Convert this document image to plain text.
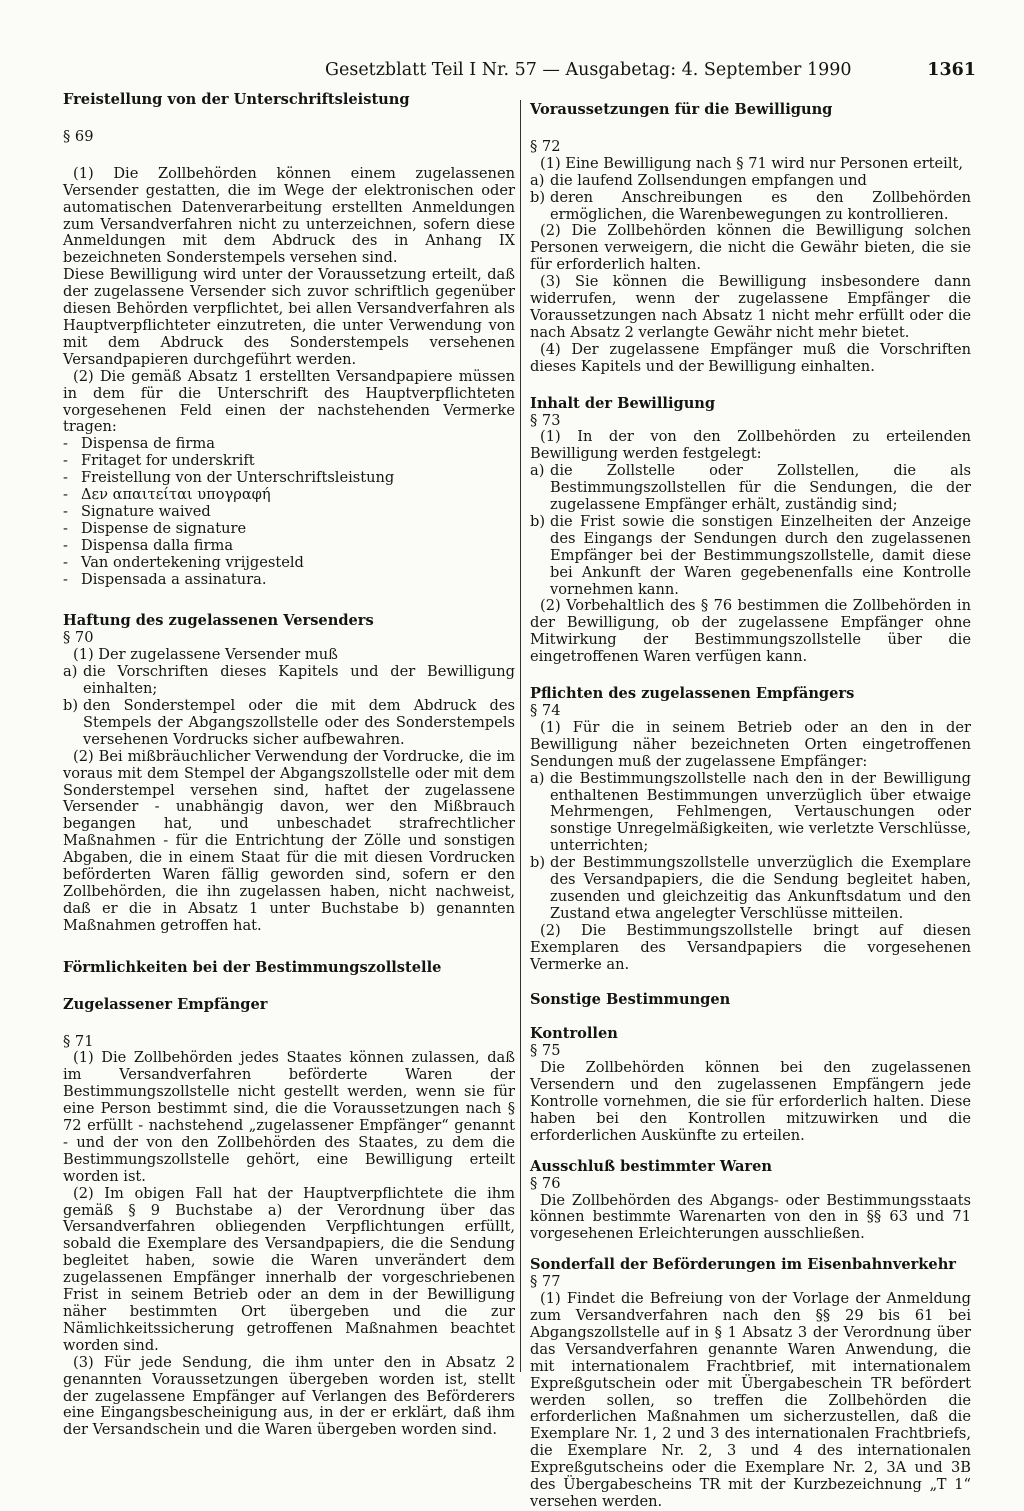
Gesetzblatt Teil I Nr. 57 — Ausgabetag: 4. September 1990	1361

Freistellung von der Unterschriftsleistung

§ 69

(1) Die Zollbehörden können einem zugelassenen Versender gestatten, die im Wege der elektronischen oder automatischen Datenverarbeitung erstellten Anmeldungen zum Versandverfahren nicht zu unterzeichnen, sofern diese Anmeldungen mit dem Abdruck des in Anhang IX bezeichneten Sonderstempels versehen sind.

Diese Bewilligung wird unter der Voraussetzung erteilt, daß der zugelassene Versender sich zuvor schriftlich gegenüber diesen Behörden verpflichtet, bei allen Versandverfahren als Hauptverpflichteter einzutreten, die unter Verwendung von mit dem Abdruck des Sonderstempels versehenen Versandpapieren durchgeführt werden.

(2) Die gemäß Absatz 1 erstellten Versandpapiere müssen in dem für die Unterschrift des Hauptverpflichteten vorgesehenen Feld einen der nachstehenden Vermerke tragen:

- Dispensa de firma
- Fritaget for underskrift
- Freistellung von der Unterschriftsleistung
- Δεν απαιτείται υπογραφή
- Signature waived
- Dispense de signature
- Dispensa dalla firma
- Van ondertekening vrijgesteld
- Dispensada a assinatura.

Haftung des zugelassenen Versenders

§ 70

(1) Der zugelassene Versender muß

a) die Vorschriften dieses Kapitels und der Bewilligung einhalten;
b) den Sonderstempel oder die mit dem Abdruck des Stempels der Abgangszollstelle oder des Sonderstempels versehenen Vordrucks sicher aufbewahren.

(2) Bei mißbräuchlicher Verwendung der Vordrucke, die im voraus mit dem Stempel der Abgangszollstelle oder mit dem Sonderstempel versehen sind, haftet der zugelassene Versender - unabhängig davon, wer den Mißbrauch begangen hat, und unbeschadet strafrechtlicher Maßnahmen - für die Entrichtung der Zölle und sonstigen Abgaben, die in einem Staat für die mit diesen Vordrucken beförderten Waren fällig geworden sind, sofern er den Zollbehörden, die ihn zugelassen haben, nicht nachweist, daß er die in Absatz 1 unter Buchstabe b) genannten Maßnahmen getroffen hat.

Förmlichkeiten bei der Bestimmungszollstelle

Zugelassener Empfänger

§ 71

(1) Die Zollbehörden jedes Staates können zulassen, daß im Versandverfahren beförderte Waren der Bestimmungszollstelle nicht gestellt werden, wenn sie für eine Person bestimmt sind, die die Voraussetzungen nach § 72 erfüllt - nachstehend „zugelassener Empfänger“ genannt - und der von den Zollbehörden des Staates, zu dem die Bestimmungszollstelle gehört, eine Bewilligung erteilt worden ist.

(2) Im obigen Fall hat der Hauptverpflichtete die ihm gemäß § 9 Buchstabe a) der Verordnung über das Versandverfahren obliegenden Verpflichtungen erfüllt, sobald die Exemplare des Versandpapiers, die die Sendung begleitet haben, sowie die Waren unverändert dem zugelassenen Empfänger innerhalb der vorgeschriebenen Frist in seinem Betrieb oder an dem in der Bewilligung näher bestimmten Ort übergeben und die zur Nämlichkeitssicherung getroffenen Maßnahmen beachtet worden sind.

(3) Für jede Sendung, die ihm unter den in Absatz 2 genannten Voraussetzungen übergeben worden ist, stellt der zugelassene Empfänger auf Verlangen des Beförderers eine Eingangsbescheinigung aus, in der er erklärt, daß ihm der Versandschein und die Waren übergeben worden sind.

Voraussetzungen für die Bewilligung

§ 72

(1) Eine Bewilligung nach § 71 wird nur Personen erteilt,

a) die laufend Zollsendungen empfangen und
b) deren Anschreibungen es den Zollbehörden ermöglichen, die Warenbewegungen zu kontrollieren.

(2) Die Zollbehörden können die Bewilligung solchen Personen verweigern, die nicht die Gewähr bieten, die sie für erforderlich halten.

(3) Sie können die Bewilligung insbesondere dann widerrufen, wenn der zugelassene Empfänger die Voraussetzungen nach Absatz 1 nicht mehr erfüllt oder die nach Absatz 2 verlangte Gewähr nicht mehr bietet.

(4) Der zugelassene Empfänger muß die Vorschriften dieses Kapitels und der Bewilligung einhalten.

Inhalt der Bewilligung

§ 73

(1) In der von den Zollbehörden zu erteilenden Bewilligung werden festgelegt:

a) die Zollstelle oder Zollstellen, die als Bestimmungszollstellen für die Sendungen, die der zugelassene Empfänger erhält, zuständig sind;
b) die Frist sowie die sonstigen Einzelheiten der Anzeige des Eingangs der Sendungen durch den zugelassenen Empfänger bei der Bestimmungszollstelle, damit diese bei Ankunft der Waren gegebenenfalls eine Kontrolle vornehmen kann.

(2) Vorbehaltlich des § 76 bestimmen die Zollbehörden in der Bewilligung, ob der zugelassene Empfänger ohne Mitwirkung der Bestimmungszollstelle über die eingetroffenen Waren verfügen kann.

Pflichten des zugelassenen Empfängers

§ 74

(1) Für die in seinem Betrieb oder an den in der Bewilligung näher bezeichneten Orten eingetroffenen Sendungen muß der zugelassene Empfänger:

a) die Bestimmungszollstelle nach den in der Bewilligung enthaltenen Bestimmungen unverzüglich über etwaige Mehrmengen, Fehlmengen, Vertauschungen oder sonstige Unregelmäßigkeiten, wie verletzte Verschlüsse, unterrichten;
b) der Bestimmungszollstelle unverzüglich die Exemplare des Versandpapiers, die die Sendung begleitet haben, zusenden und gleichzeitig das Ankunftsdatum und den Zustand etwa angelegter Verschlüsse mitteilen.

(2) Die Bestimmungszollstelle bringt auf diesen Exemplaren des Versandpapiers die vorgesehenen Vermerke an.

Sonstige Bestimmungen

Kontrollen

§ 75

Die Zollbehörden können bei den zugelassenen Versendern und den zugelassenen Empfängern jede Kontrolle vornehmen, die sie für erforderlich halten. Diese haben bei den Kontrollen mitzuwirken und die erforderlichen Auskünfte zu erteilen.

Ausschluß bestimmter Waren

§ 76

Die Zollbehörden des Abgangs- oder Bestimmungsstaats können bestimmte Warenarten von den in §§ 63 und 71 vorgesehenen Erleichterungen ausschließen.

Sonderfall der Beförderungen im Eisenbahnverkehr

§ 77

(1) Findet die Befreiung von der Vorlage der Anmeldung zum Versandverfahren nach den §§ 29 bis 61 bei Abgangszollstelle auf in § 1 Absatz 3 der Verordnung über das Versandverfahren genannte Waren Anwendung, die mit internationalem Frachtbrief, mit internationalem Expreßgutschein oder mit Übergabeschein TR befördert werden sollen, so treffen die Zollbehörden die erforderlichen Maßnahmen um sicherzustellen, daß die Exemplare Nr. 1, 2 und 3 des internationalen Frachtbriefs, die Exemplare Nr. 2, 3 und 4 des internationalen Expreßgutscheins oder die Exemplare Nr. 2, 3A und 3B des Übergabescheins TR mit der Kurzbezeichnung „T 1“ versehen werden.
